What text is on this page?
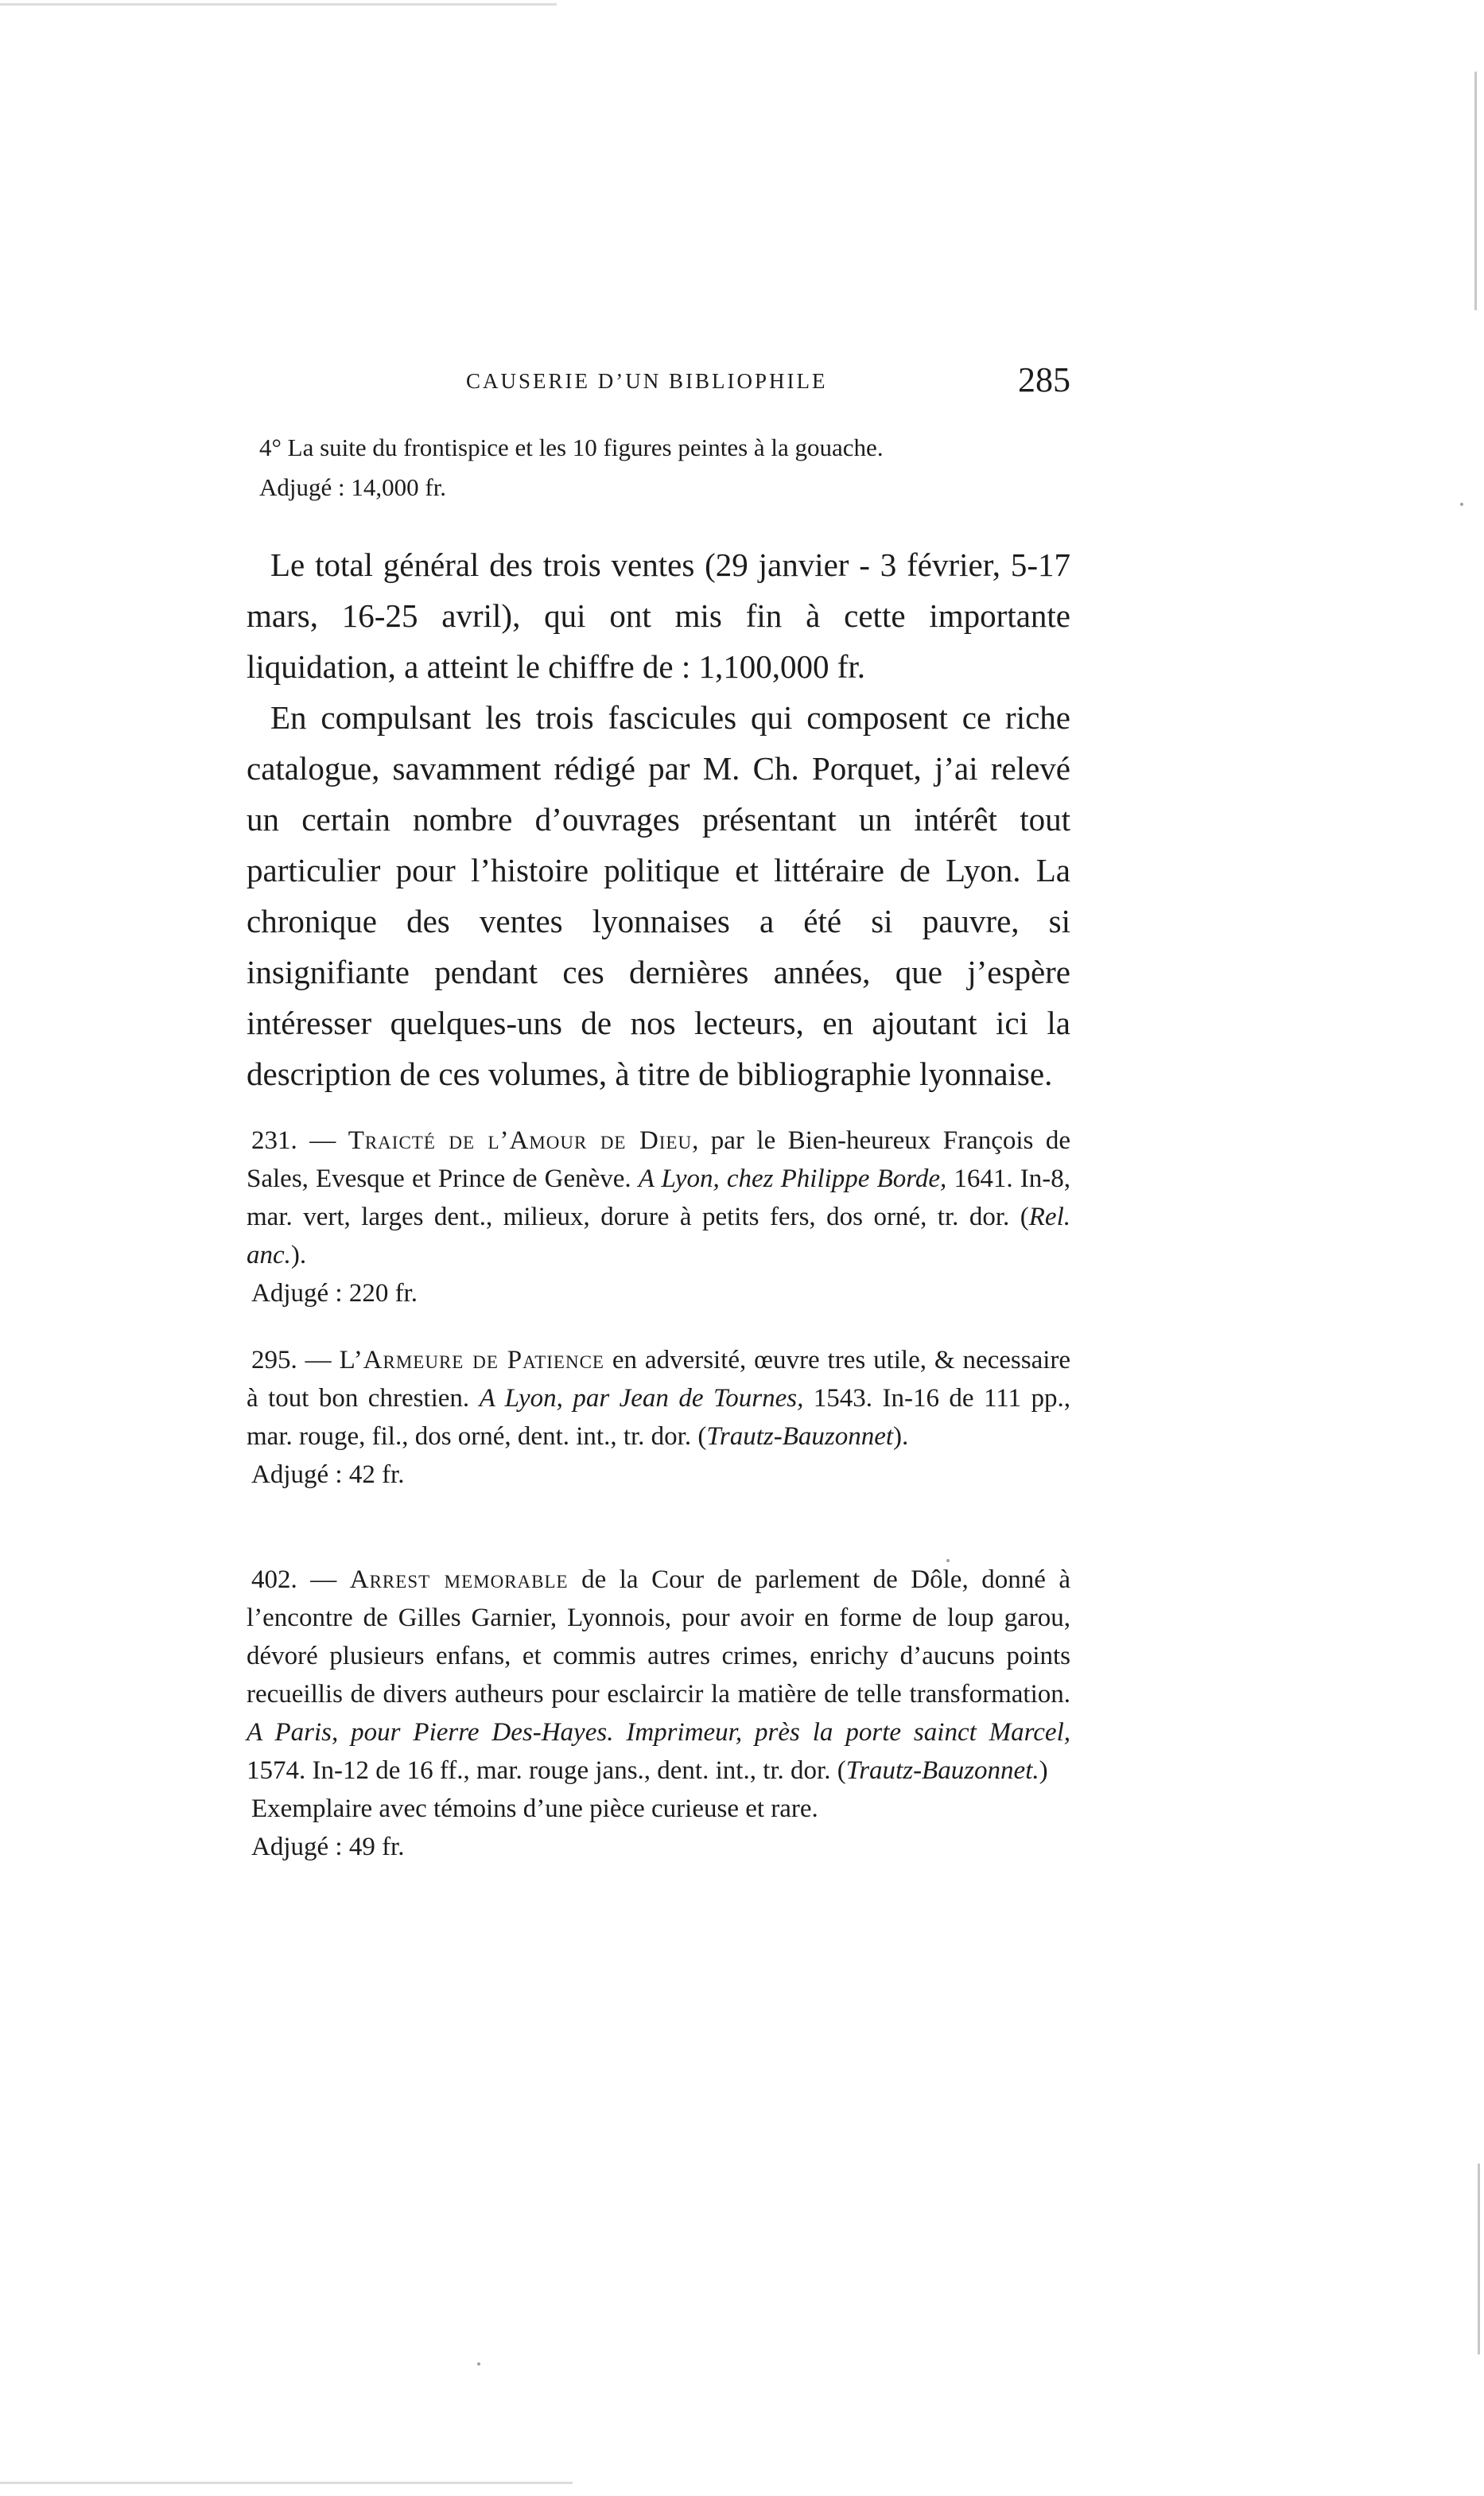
CAUSERIE D’UN BIBLIOPHILE	285

4° La suite du frontispice et les 10 figures peintes à la gouache.

Adjugé : 14,000 fr.

Le total général des trois ventes (29 janvier - 3 février, 5-17 mars, 16-25 avril), qui ont mis fin à cette importante liquidation, a atteint le chiffre de : 1,100,000 fr.

En compulsant les trois fascicules qui composent ce riche catalogue, savamment rédigé par M. Ch. Porquet, j’ai relevé un certain nombre d’ouvrages présentant un intérêt tout particulier pour l’histoire politique et littéraire de Lyon. La chronique des ventes lyonnaises a été si pauvre, si insignifiante pendant ces dernières années, que j’espère intéresser quelques-uns de nos lecteurs, en ajoutant ici la description de ces volumes, à titre de bibliographie lyonnaise.

231. — Traicté de l’Amour de Dieu, par le Bien-heureux François de Sales, Evesque et Prince de Genève. A Lyon, chez Philippe Borde, 1641. In-8, mar. vert, larges dent., milieux, dorure à petits fers, dos orné, tr. dor. (Rel. anc.).

Adjugé : 220 fr.

295. — L’Armeure de Patience en adversité, œuvre tres utile, & necessaire à tout bon chrestien. A Lyon, par Jean de Tournes, 1543. In-16 de 111 pp., mar. rouge, fil., dos orné, dent. int., tr. dor. (Trautz-Bauzonnet).

Adjugé : 42 fr.

402. — Arrest memorable de la Cour de parlement de Dôle, donné à l’encontre de Gilles Garnier, Lyonnois, pour avoir en forme de loup garou, dévoré plusieurs enfans, et commis autres crimes, enrichy d’aucuns points recueillis de divers autheurs pour esclaircir la matière de telle transformation. A Paris, pour Pierre Des-Hayes. Imprimeur, près la porte sainct Marcel, 1574. In-12 de 16 ff., mar. rouge jans., dent. int., tr. dor. (Trautz-Bauzonnet.)

Exemplaire avec témoins d’une pièce curieuse et rare.

Adjugé : 49 fr.
